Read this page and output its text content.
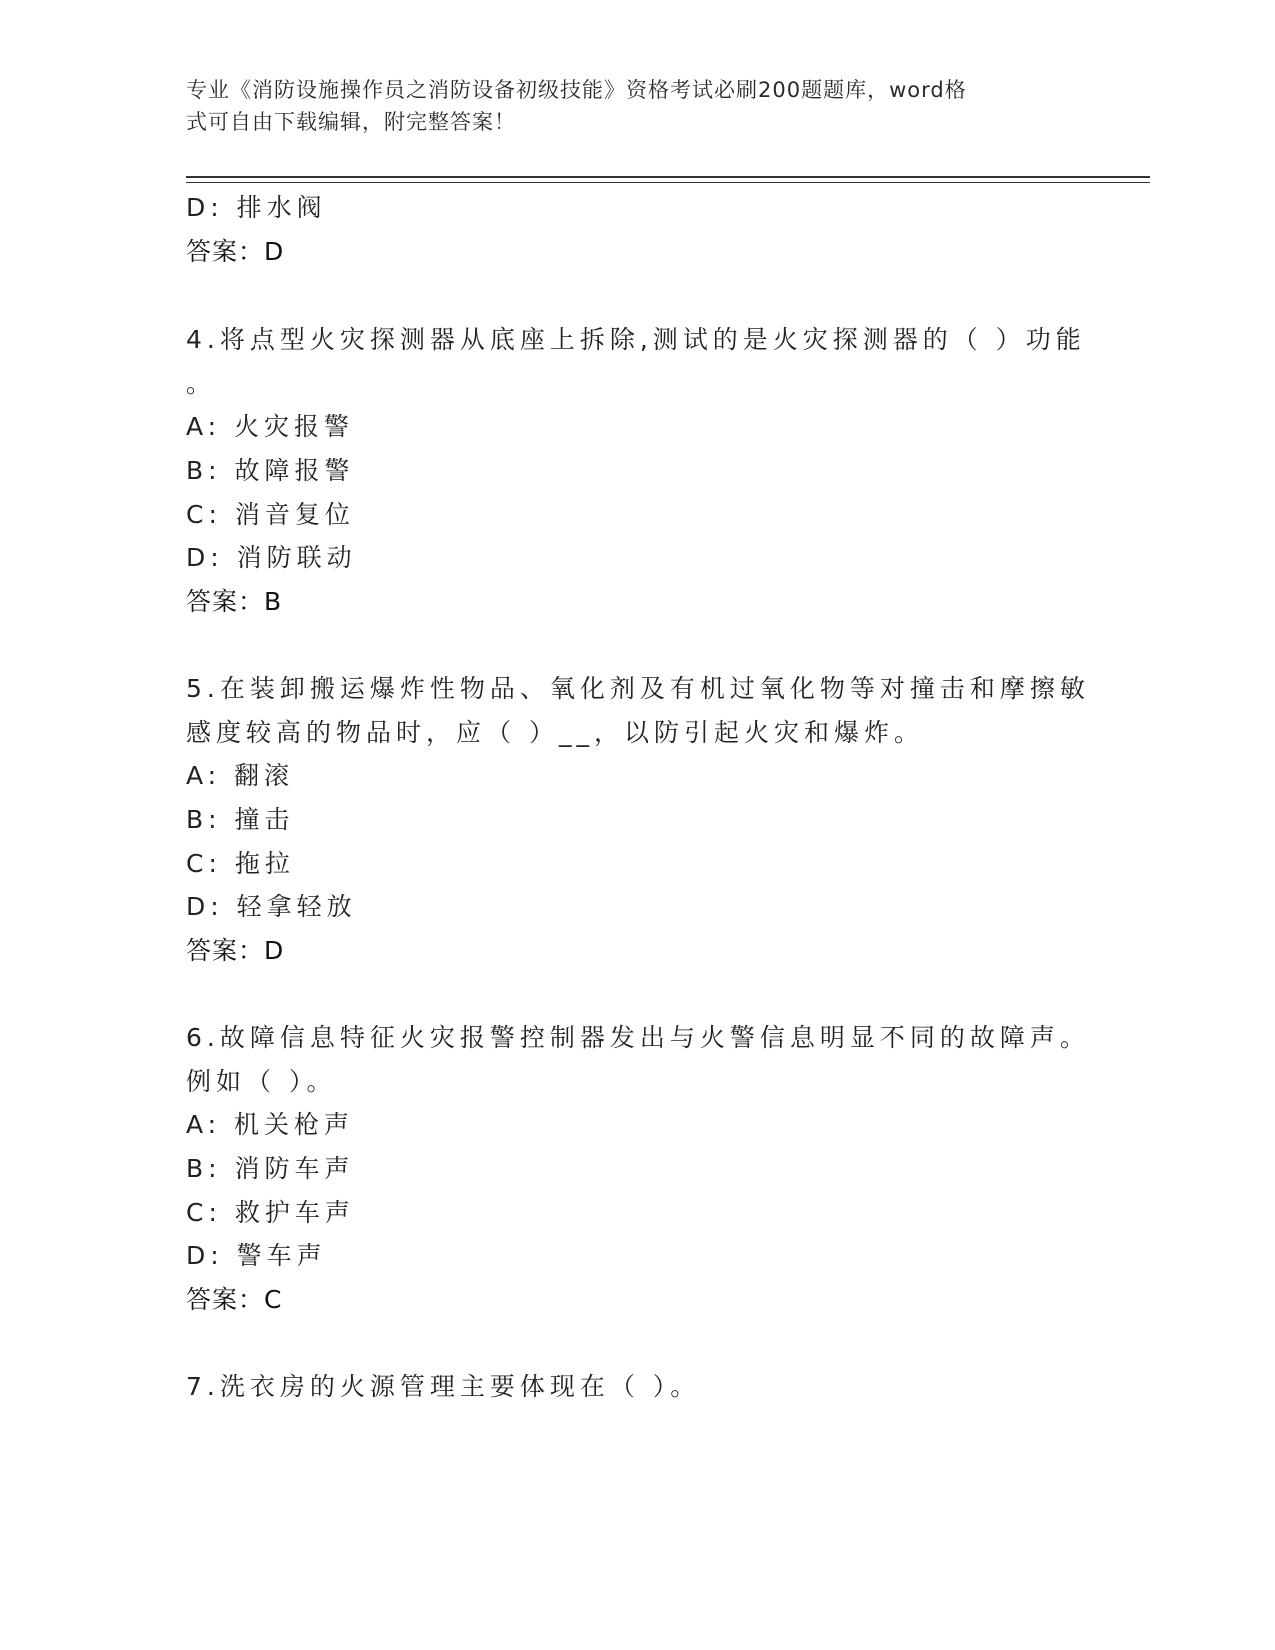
专业《消防设施操作员之消防设备初级技能》资格考试必刷200题题库，word格
式可自由下载编辑，附完整答案！
D: 排水阀
答案：D
4.将点型火灾探测器从底座上拆除,测试的是火灾探测器的（ ）功能
。
A: 火灾报警
B: 故障报警
C: 消音复位
D: 消防联动
答案：B
5.在装卸搬运爆炸性物品、氧化剂及有机过氧化物等对撞击和摩擦敏
感度较高的物品时，应（ ）__，以防引起火灾和爆炸。
A: 翻滚
B: 撞击
C: 拖拉
D: 轻拿轻放
答案：D
6.故障信息特征火灾报警控制器发出与火警信息明显不同的故障声。
例如（ ）。
A: 机关枪声
B: 消防车声
C: 救护车声
D: 警车声
答案：C
7.洗衣房的火源管理主要体现在（ ）。
